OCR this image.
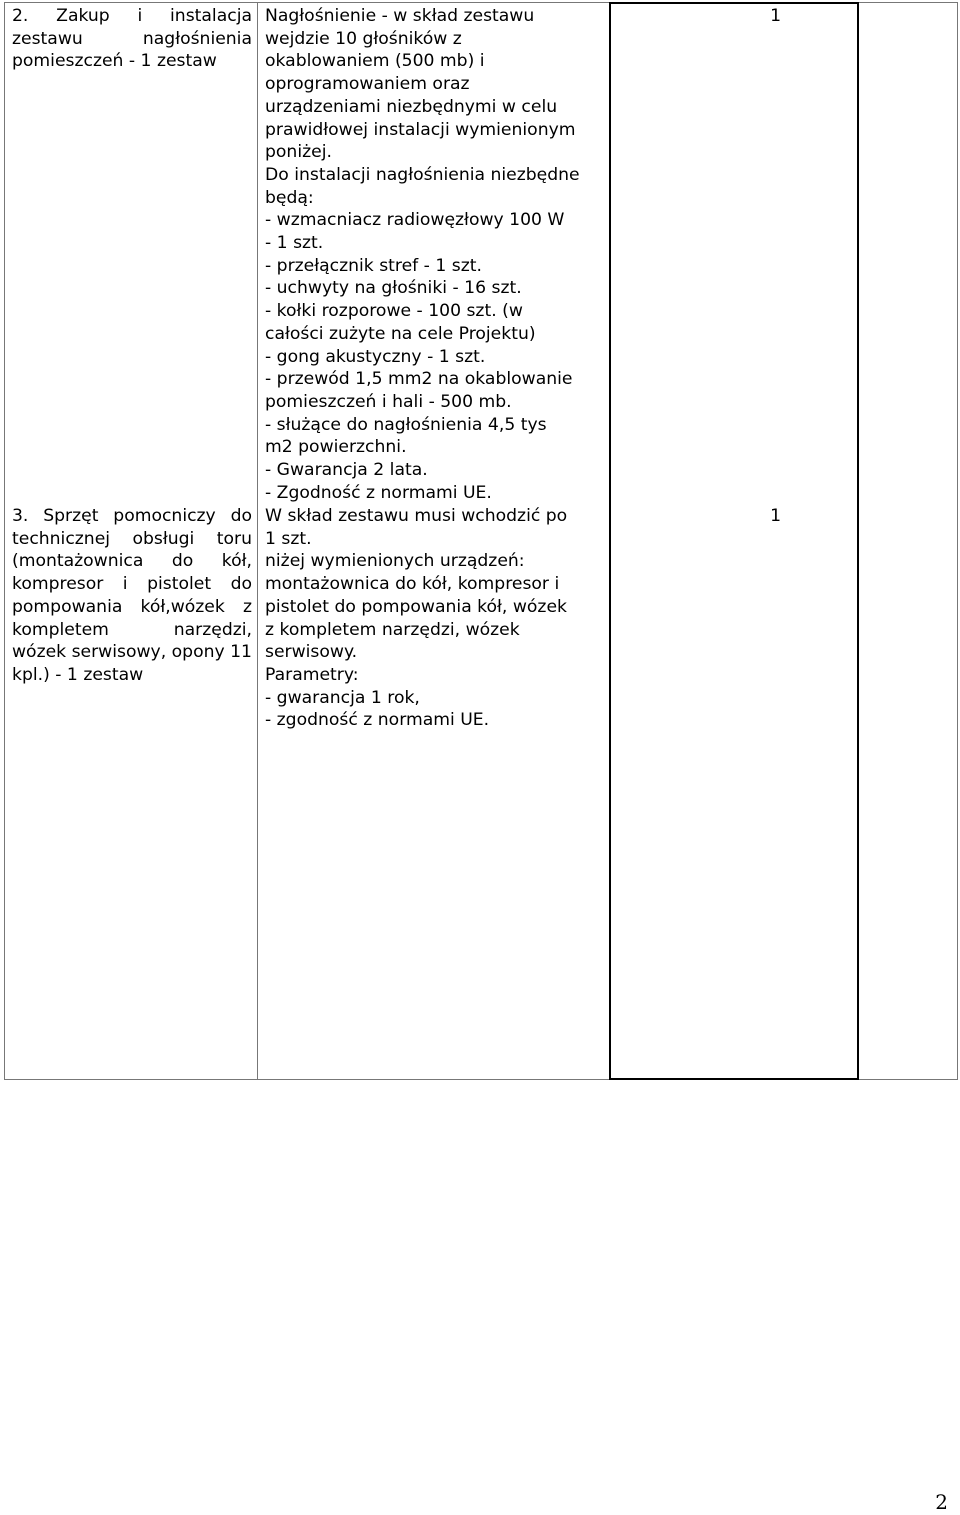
2. Zakup i instalacja zestawu nagłośnienia pomieszczeń - 1 zestaw

3. Sprzęt pomocniczy do technicznej obsługi toru (montażownica do kół, kompresor i pistolet do pompowania kół,wózek z kompletem narzędzi, wózek serwisowy, opony 11 kpl.) - 1 zestaw

Nagłośnienie - w skład zestawu
wejdzie 10 głośników z
okablowaniem (500 mb) i
oprogramowaniem oraz
urządzeniami niezbędnymi w celu
prawidłowej instalacji wymienionym
poniżej.
Do instalacji nagłośnienia niezbędne
będą:
- wzmacniacz radiowęzłowy 100 W
- 1 szt.
- przełącznik stref - 1 szt.
- uchwyty na głośniki - 16 szt.
- kołki rozporowe - 100 szt. (w
całości zużyte na cele Projektu)
- gong akustyczny - 1 szt.
- przewód 1,5 mm2 na okablowanie
pomieszczeń i hali - 500 mb.
- służące do nagłośnienia 4,5 tys
m2 powierzchni.
- Gwarancja 2 lata.
- Zgodność z normami UE.

W skład zestawu musi wchodzić po
1 szt.
niżej wymienionych urządzeń:
montażownica do kół, kompresor i
pistolet do pompowania kół, wózek
z kompletem narzędzi, wózek
serwisowy.
Parametry:
- gwarancja 1 rok,
- zgodność z normami UE.

1

1

2
